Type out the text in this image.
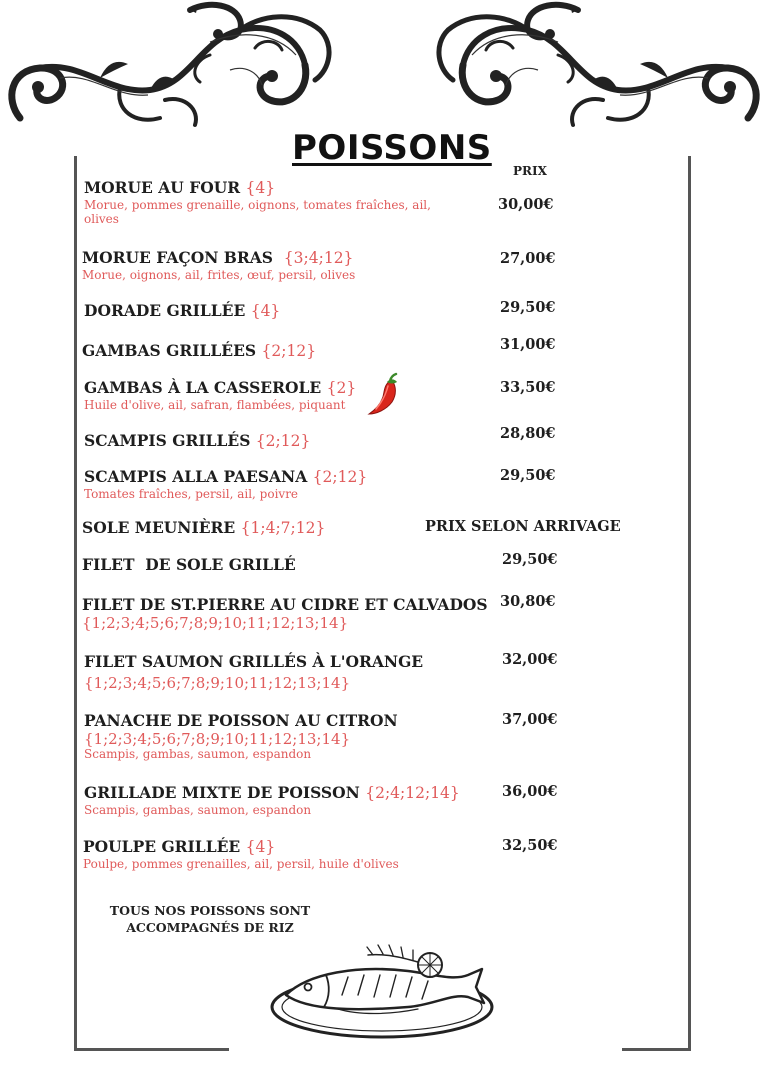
POISSONS
PRIX
MORUE AU FOUR {4}
Morue, pommes grenaille, oignons, tomates fraîches, ail,
olives
30,00€
MORUE FAÇON BRAS {3;4;12}
Morue, oignons, ail, frites, œuf, persil, olives
27,00€
DORADE GRILLÉE {4}	29,50€
GAMBAS GRILLÉES {2;12}	31,00€
GAMBAS À LA CASSEROLE {2}
Huile d'olive, ail, safran, flambées, piquant
33,50€
SCAMPIS GRILLÉS {2;12}	28,80€
SCAMPIS ALLA PAESANA {2;12}
Tomates fraîches, persil, ail, poivre
29,50€
SOLE MEUNIÈRE {1;4;7;12}	PRIX SELON ARRIVAGE
FILET  DE SOLE GRILLÉ	29,50€
FILET DE ST.PIERRE AU CIDRE ET CALVADOS
{1;2;3;4;5;6;7;8;9;10;11;12;13;14}
30,80€
FILET SAUMON GRILLÉS À L'ORANGE
{1;2;3;4;5;6;7;8;9;10;11;12;13;14}
32,00€
PANACHE DE POISSON AU CITRON
{1;2;3;4;5;6;7;8;9;10;11;12;13;14}
Scampis, gambas, saumon, espandon
37,00€
GRILLADE MIXTE DE POISSON {2;4;12;14}
Scampis, gambas, saumon, espandon
36,00€
POULPE GRILLÉE {4}
Poulpe, pommes grenailles, ail, persil, huile d'olives
32,50€
TOUS NOS POISSONS SONT
ACCOMPAGNÉS DE RIZ
